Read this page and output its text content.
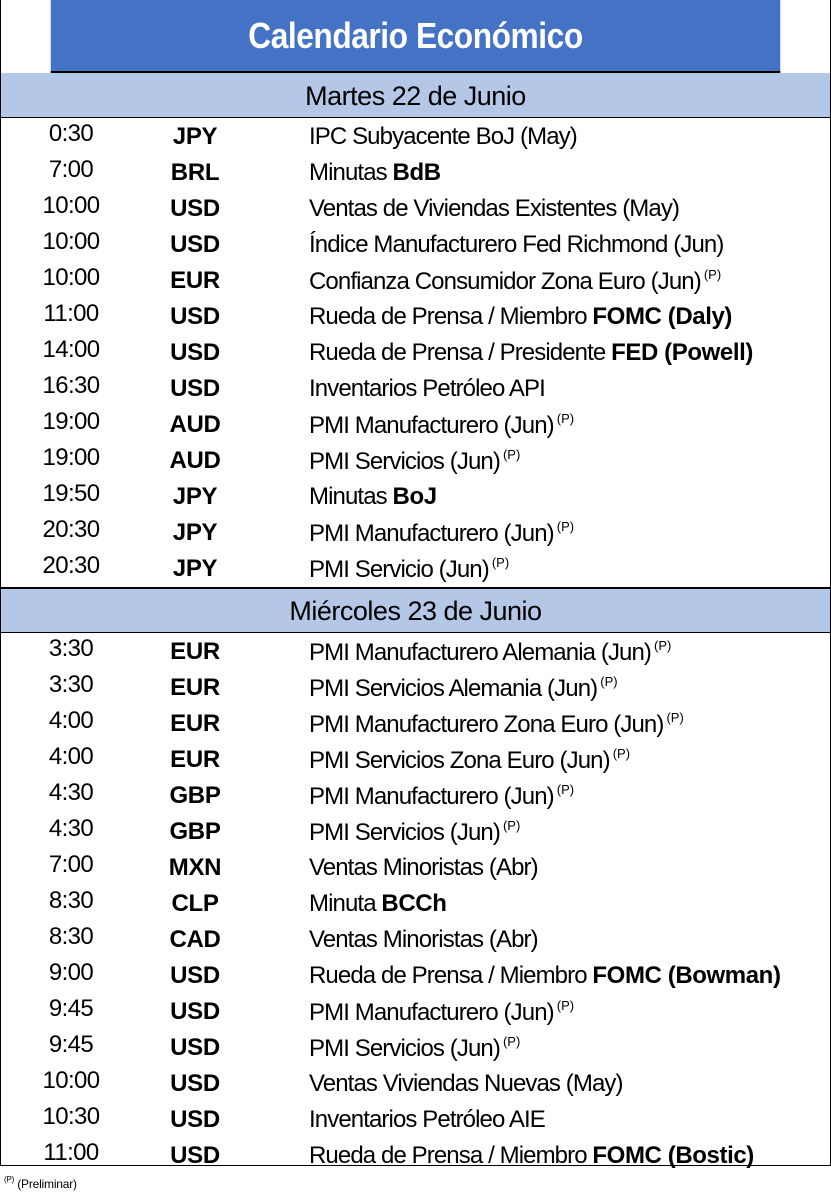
Calendario Económico
Martes 22 de Junio
0:30	JPY	IPC Subyacente BoJ (May)
7:00	BRL	Minutas BdB
10:00	USD	Ventas de Viviendas Existentes (May)
10:00	USD	Índice Manufacturero Fed Richmond (Jun)
10:00	EUR	Confianza Consumidor Zona Euro (Jun) $^{(P)}$
11:00	USD	Rueda de Prensa / Miembro FOMC (Daly)
14:00	USD	Rueda de Prensa / Presidente FED (Powell)
16:30	USD	Inventarios Petróleo API
19:00	AUD	PMI Manufacturero (Jun) $^{(P)}$
19:00	AUD	PMI Servicios (Jun) $^{(P)}$
19:50	JPY	Minutas BoJ
20:30	JPY	PMI Manufacturero (Jun) $^{(P)}$
20:30	JPY	PMI Servicio (Jun) $^{(P)}$
Miércoles 23 de Junio
3:30	EUR	PMI Manufacturero Alemania (Jun) $^{(P)}$
3:30	EUR	PMI Servicios Alemania (Jun) $^{(P)}$
4:00	EUR	PMI Manufacturero Zona Euro (Jun) $^{(P)}$
4:00	EUR	PMI Servicios Zona Euro (Jun) $^{(P)}$
4:30	GBP	PMI Manufacturero (Jun) $^{(P)}$
4:30	GBP	PMI Servicios (Jun) $^{(P)}$
7:00	MXN	Ventas Minoristas (Abr)
8:30	CLP	Minuta BCCh
8:30	CAD	Ventas Minoristas (Abr)
9:00	USD	Rueda de Prensa / Miembro FOMC (Bowman)
9:45	USD	PMI Manufacturero (Jun) $^{(P)}$
9:45	USD	PMI Servicios (Jun) $^{(P)}$
10:00	USD	Ventas Viviendas Nuevas (May)
10:30	USD	Inventarios Petróleo AIE
11:00	USD	Rueda de Prensa / Miembro FOMC (Bostic)
$^{(P)}$ (Preliminar)
